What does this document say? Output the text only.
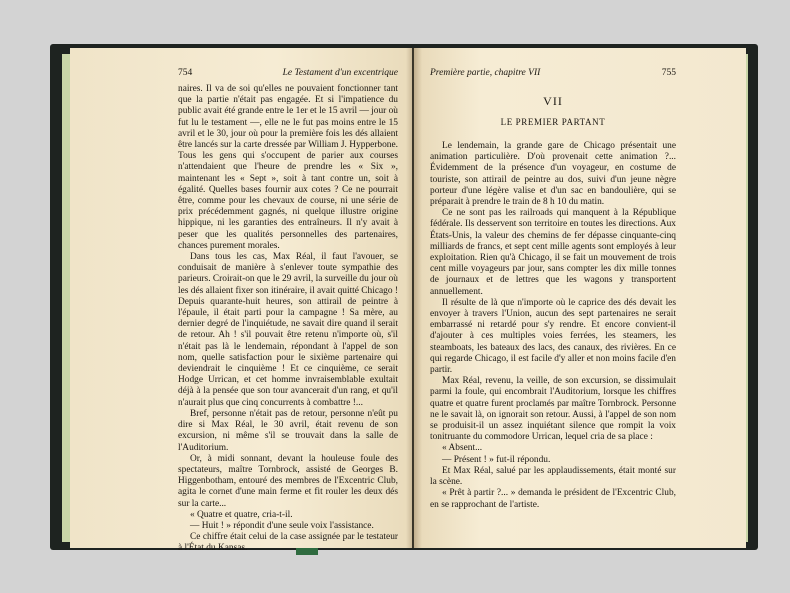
754	Le Testament d'un excentrique

naires. Il va de soi qu'elles ne pouvaient fonctionner tant que la partie n'était pas engagée. Et si l'impatience du public avait été grande entre le 1er et le 15 avril — jour où fut lu le testament —, elle ne le fut pas moins entre le 15 avril et le 30, jour où pour la première fois les dés allaient être lancés sur la carte dressée par William J. Hypperbone. Tous les gens qui s'occupent de parier aux courses n'attendaient que l'heure de prendre les « Six », maintenant les « Sept », soit à tant contre un, soit à égalité. Quelles bases fournir aux cotes ? Ce ne pourrait être, comme pour les chevaux de course, ni une série de prix précédemment gagnés, ni quelque illustre origine hippique, ni les garanties des entraîneurs. Il n'y avait à peser que les qualités personnelles des partenaires, chances purement morales.

Dans tous les cas, Max Réal, il faut l'avouer, se conduisait de manière à s'enlever toute sympathie des parieurs. Croirait-on que le 29 avril, la surveille du jour où les dés allaient fixer son itinéraire, il avait quitté Chicago ! Depuis quarante-huit heures, son attirail de peintre à l'épaule, il était parti pour la campagne ! Sa mère, au dernier degré de l'inquiétude, ne savait dire quand il serait de retour. Ah ! s'il pouvait être retenu n'importe où, s'il n'était pas là le lendemain, répondant à l'appel de son nom, quelle satisfaction pour le sixième partenaire qui deviendrait le cinquième ! Et ce cinquième, ce serait Hodge Urrican, et cet homme invraisemblable exultait déjà à la pensée que son tour avancerait d'un rang, et qu'il n'aurait plus que cinq concurrents à combattre !...

Bref, personne n'était pas de retour, personne n'eût pu dire si Max Réal, le 30 avril, était revenu de son excursion, ni même s'il se trouvait dans la salle de l'Auditorium.

Or, à midi sonnant, devant la houleuse foule des spectateurs, maître Tornbrock, assisté de Georges B. Higgenbotham, entouré des membres de l'Excentric Club, agita le cornet d'une main ferme et fit rouler les deux dés sur la carte...

« Quatre et quatre, cria-t-il.

— Huit ! » répondit d'une seule voix l'assistance.

Ce chiffre était celui de la case assignée par le testateur à l'État du Kansas.

Première partie, chapitre VII	755
VII
LE PREMIER PARTANT

Le lendemain, la grande gare de Chicago présentait une animation particulière. D'où provenait cette animation ?... Évidemment de la présence d'un voyageur, en costume de touriste, son attirail de peintre au dos, suivi d'un jeune nègre porteur d'une légère valise et d'un sac en bandoulière, qui se préparait à prendre le train de 8 h 10 du matin.

Ce ne sont pas les railroads qui manquent à la République fédérale. Ils desservent son territoire en toutes les directions. Aux États-Unis, la valeur des chemins de fer dépasse cinquante-cinq milliards de francs, et sept cent mille agents sont employés à leur exploitation. Rien qu'à Chicago, il se fait un mouvement de trois cent mille voyageurs par jour, sans compter les dix mille tonnes de journaux et de lettres que les wagons y transportent annuellement.

Il résulte de là que n'importe où le caprice des dés devait les envoyer à travers l'Union, aucun des sept partenaires ne serait embarrassé ni retardé pour s'y rendre. Et encore convient-il d'ajouter à ces multiples voies ferrées, les steamers, les steamboats, les bateaux des lacs, des canaux, des rivières. En ce qui regarde Chicago, il est facile d'y aller et non moins facile d'en partir.

Max Réal, revenu, la veille, de son excursion, se dissimulait parmi la foule, qui encombrait l'Auditorium, lorsque les chiffres quatre et quatre furent proclamés par maître Tornbrock. Personne ne le savait là, on ignorait son retour. Aussi, à l'appel de son nom se produisit-il un assez inquiétant silence que rompit la voix tonitruante du commodore Urrican, lequel cria de sa place :

« Absent...

— Présent ! » fut-il répondu.

Et Max Réal, salué par les applaudissements, était monté sur la scène.

« Prêt à partir ?... » demanda le président de l'Excentric Club, en se rapprochant de l'artiste.
